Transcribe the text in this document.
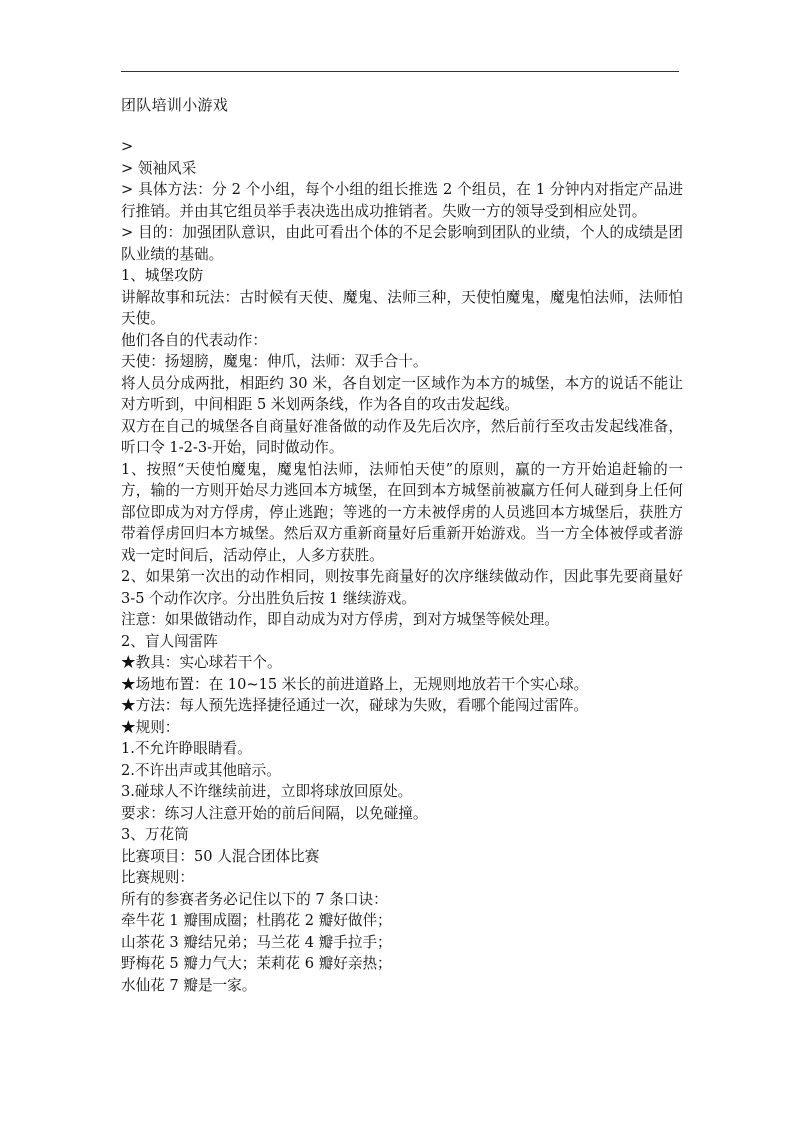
团队培训小游戏

>

> 领袖风采

> 具体方法：分 2 个小组，每个小组的组长推选 2 个组员，在 1 分钟内对指定产品进行推销。并由其它组员举手表决选出成功推销者。失败一方的领导受到相应处罚。

> 目的：加强团队意识，由此可看出个体的不足会影响到团队的业绩，个人的成绩是团队业绩的基础。

1、城堡攻防

讲解故事和玩法：古时候有天使、魔鬼、法师三种，天使怕魔鬼，魔鬼怕法师，法师怕天使。

他们各自的代表动作：

天使：扬翅膀，魔鬼：伸爪，法师：双手合十。

将人员分成两批，相距约 30 米，各自划定一区域作为本方的城堡，本方的说话不能让对方听到，中间相距 5 米划两条线，作为各自的攻击发起线。

双方在自己的城堡各自商量好准备做的动作及先后次序，然后前行至攻击发起线准备，听口令 1-2-3-开始，同时做动作。

1、按照“天使怕魔鬼，魔鬼怕法师，法师怕天使”的原则，赢的一方开始追赶输的一方，输的一方则开始尽力逃回本方城堡，在回到本方城堡前被赢方任何人碰到身上任何部位即成为对方俘虏，停止逃跑；等逃的一方未被俘虏的人员逃回本方城堡后，获胜方带着俘虏回归本方城堡。然后双方重新商量好后重新开始游戏。当一方全体被俘或者游戏一定时间后，活动停止，人多方获胜。

2、如果第一次出的动作相同，则按事先商量好的次序继续做动作，因此事先要商量好 3-5 个动作次序。分出胜负后按 1 继续游戏。

注意：如果做错动作，即自动成为对方俘虏，到对方城堡等候处理。

2、盲人闯雷阵

★教具：实心球若干个。

★场地布置：在 10~15 米长的前进道路上，无规则地放若干个实心球。

★方法：每人预先选择捷径通过一次，碰球为失败，看哪个能闯过雷阵。

★规则：

1.不允许睁眼睛看。

2.不许出声或其他暗示。

3.碰球人不许继续前进，立即将球放回原处。

要求：练习人注意开始的前后间隔，以免碰撞。

3、万花筒

比赛项目：50 人混合团体比赛

比赛规则：

所有的参赛者务必记住以下的 7 条口诀：

牵牛花 1 瓣围成圈；杜鹃花 2 瓣好做伴；

山茶花 3 瓣结兄弟；马兰花 4 瓣手拉手；

野梅花 5 瓣力气大；茉莉花 6 瓣好亲热；

水仙花 7 瓣是一家。
